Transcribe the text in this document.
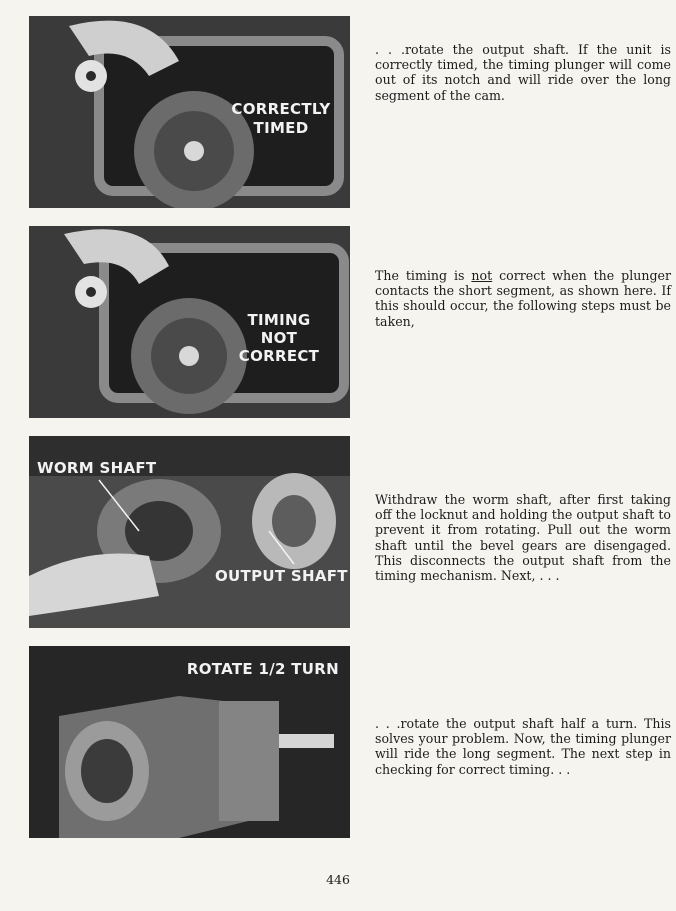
CORRECTLY
TIMED

. . .rotate the output shaft. If the unit is correctly timed, the timing plunger will come out of its notch and will ride over the long segment of the cam.

TIMING
NOT
CORRECT

The timing is not correct when the plunger contacts the short segment, as shown here. If this should occur, the following steps must be taken,

WORM SHAFT
OUTPUT SHAFT

Withdraw the worm shaft, after first taking off the locknut and holding the output shaft to prevent it from rotating. Pull out the worm shaft until the bevel gears are disengaged. This disconnects the output shaft from the timing mechanism. Next, . . .

ROTATE 1/2 TURN

. . .rotate the output shaft half a turn. This solves your problem. Now, the timing plunger will ride the long segment. The next step in checking for correct timing. . .

446
